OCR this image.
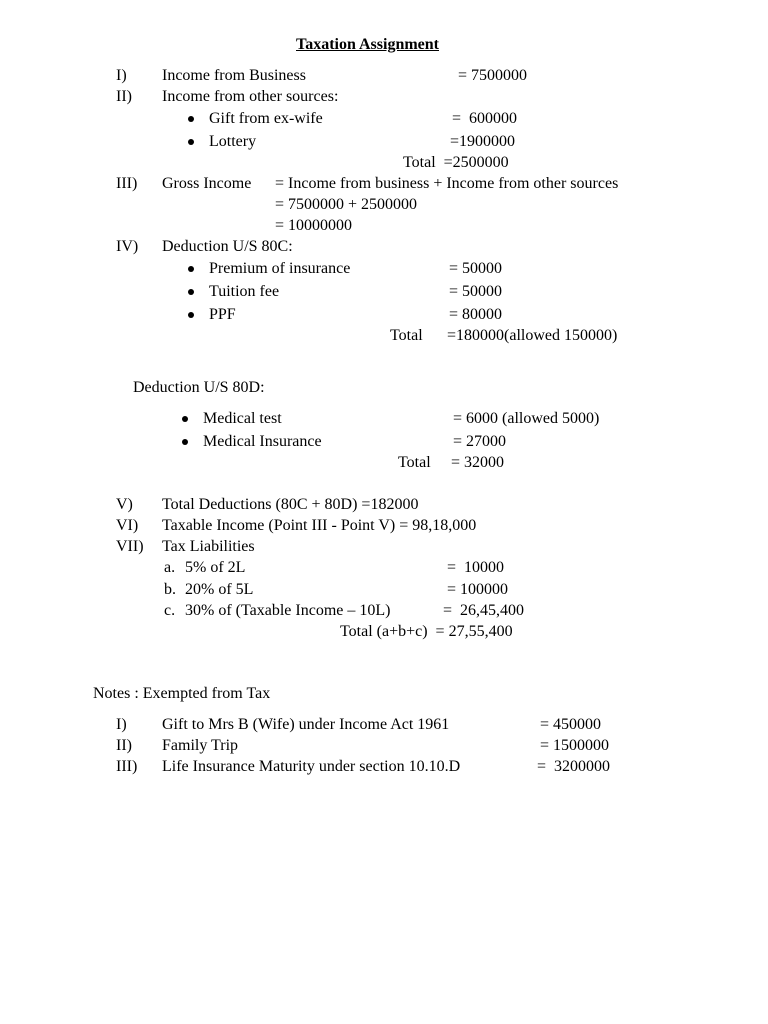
Taxation Assignment
I) Income from Business	= 7500000
II) Income from other sources:
Gift from ex-wife	=  600000
Lottery	=1900000
Total  =2500000
III) Gross Income = Income from business + Income from other sources
= 7500000 + 2500000
= 10000000
IV) Deduction U/S 80C:
Premium of insurance	= 50000
Tuition fee	= 50000
PPF	= 80000
Total =180000(allowed 150000)
Deduction U/S 80D:
Medical test	= 6000 (allowed 5000)
Medical Insurance	= 27000
Total = 32000
V) Total Deductions (80C + 80D) =182000
VI) Taxable Income (Point III - Point V) = 98,18,000
VII) Tax Liabilities
a. 5% of 2L	=  10000
b. 20% of 5L	= 100000
c. 30% of (Taxable Income – 10L)	=  26,45,400
Total (a+b+c)  = 27,55,400
Notes : Exempted from Tax
I) Gift to Mrs B (Wife) under Income Act 1961	= 450000
II) Family Trip	= 1500000
III) Life Insurance Maturity under section 10.10.D	=  3200000
